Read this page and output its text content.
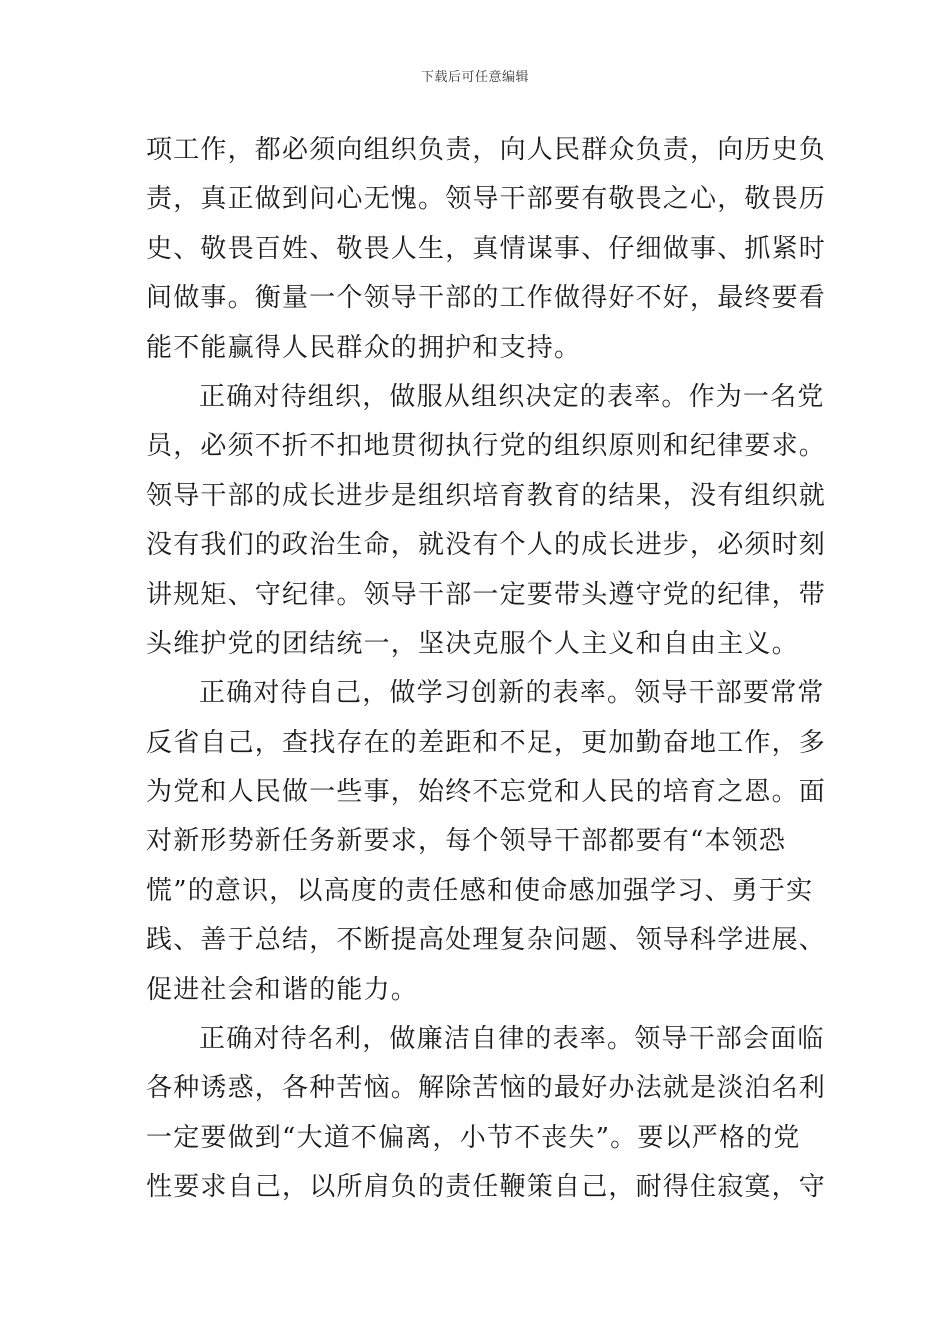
下载后可任意编辑
项工作，都必须向组织负责，向人民群众负责，向历史负
责，真正做到问心无愧。领导干部要有敬畏之心，敬畏历
史、敬畏百姓、敬畏人生，真情谋事、仔细做事、抓紧时
间做事。衡量一个领导干部的工作做得好不好，最终要看
能不能赢得人民群众的拥护和支持。
正确对待组织，做服从组织决定的表率。作为一名党
员，必须不折不扣地贯彻执行党的组织原则和纪律要求。
领导干部的成长进步是组织培育教育的结果，没有组织就
没有我们的政治生命，就没有个人的成长进步，必须时刻
讲规矩、守纪律。领导干部一定要带头遵守党的纪律，带
头维护党的团结统一，坚决克服个人主义和自由主义。
正确对待自己，做学习创新的表率。领导干部要常常
反省自己，查找存在的差距和不足，更加勤奋地工作，多
为党和人民做一些事，始终不忘党和人民的培育之恩。面
对新形势新任务新要求，每个领导干部都要有“本领恐
慌”的意识，以高度的责任感和使命感加强学习、勇于实
践、善于总结，不断提高处理复杂问题、领导科学进展、
促进社会和谐的能力。
正确对待名利，做廉洁自律的表率。领导干部会面临
各种诱惑，各种苦恼。解除苦恼的最好办法就是淡泊名利
一定要做到“大道不偏离，小节不丧失”。要以严格的党
性要求自己，以所肩负的责任鞭策自己，耐得住寂寞，守
